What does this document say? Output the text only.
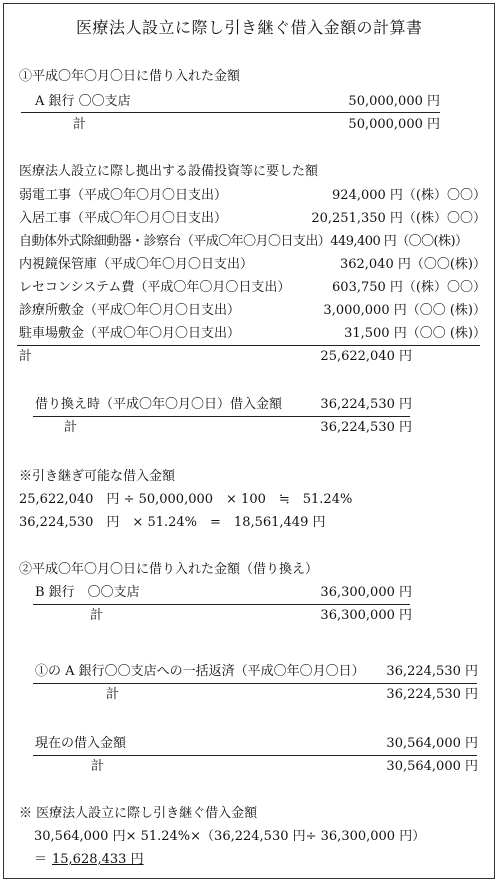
医療法人設立に際し引き継ぐ借入金額の計算書
①平成〇年〇月〇日に借り入れた金額
A 銀行 〇〇支店	50,000,000 円
計	50,000,000 円
医療法人設立に際し拠出する設備投資等に要した額
弱電工事（平成〇年〇月〇日支出）	924,000 円（(株）〇〇）
入居工事（平成〇年〇月〇日支出）	20,251,350 円（(株）〇〇）
自動体外式除細動器・診察台（平成〇年〇月〇日支出）449,400 円（〇〇(株)）
内視鏡保管庫（平成〇年〇月〇日支出）	362,040 円（〇〇(株)）
レセコンシステム費（平成〇年〇月〇日支出）	603,750 円（(株）〇〇）
診療所敷金（平成〇年〇月〇日支出）	3,000,000 円（〇〇 (株)）
駐車場敷金（平成〇年〇月〇日支出）	31,500 円（〇〇 (株)）
計	25,622,040 円
借り換え時（平成〇年〇月〇日）借入金額	36,224,530 円
計	36,224,530 円
※引き継ぎ可能な借入金額
25,622,040　円 ÷ 50,000,000　× 100　≒　51.24%
36,224,530　円　× 51.24%　=　18,561,449 円
②平成〇年〇月〇日に借り入れた金額（借り換え）
B 銀行　〇〇支店	36,300,000 円
計	36,300,000 円
①の A 銀行〇〇支店への一括返済（平成〇年〇月〇日） 36,224,530 円
計	36,224,530 円
現在の借入金額	30,564,000 円
計	30,564,000 円
※ 医療法人設立に際し引き継ぐ借入金額
30,564,000 円× 51.24%×（36,224,530 円÷ 36,300,000 円）
＝ 15,628,433 円
